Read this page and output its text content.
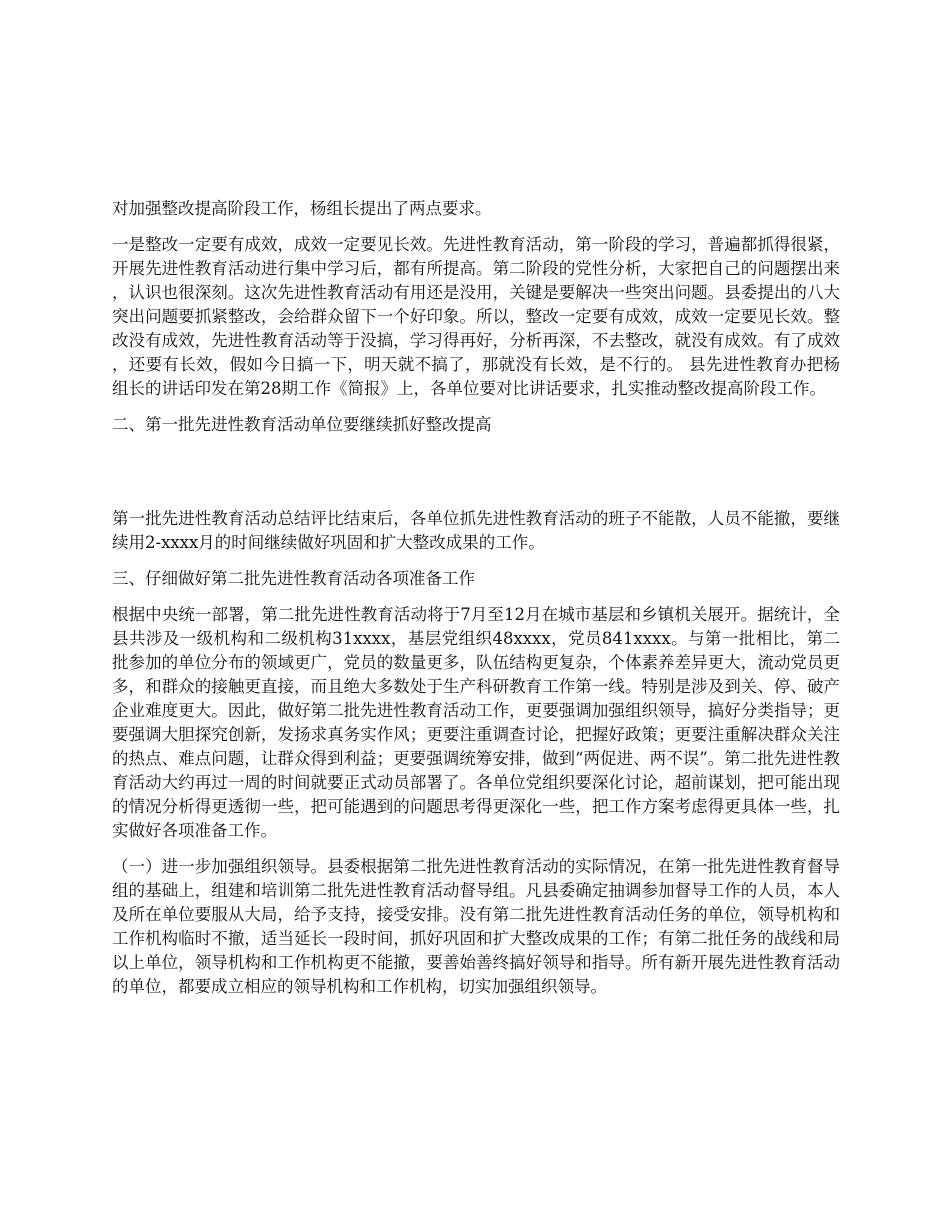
对加强整改提高阶段工作，杨组长提出了两点要求。

一是整改一定要有成效，成效一定要见长效。先进性教育活动，第一阶段的学习，普遍都抓得很紧，开展先进性教育活动进行集中学习后，都有所提高。第二阶段的党性分析，大家把自己的问题摆出来，认识也很深刻。这次先进性教育活动有用还是没用，关键是要解决一些突出问题。县委提出的八大突出问题要抓紧整改，会给群众留下一个好印象。所以，整改一定要有成效，成效一定要见长效。整改没有成效，先进性教育活动等于没搞，学习得再好，分析再深，不去整改，就没有成效。有了成效，还要有长效，假如今日搞一下，明天就不搞了，那就没有长效，是不行的。 县先进性教育办把杨组长的讲话印发在第28期工作《简报》上，各单位要对比讲话要求，扎实推动整改提高阶段工作。

二、第一批先进性教育活动单位要继续抓好整改提高

第一批先进性教育活动总结评比结束后，各单位抓先进性教育活动的班子不能散，人员不能撤，要继续用2-xxxx月的时间继续做好巩固和扩大整改成果的工作。

三、仔细做好第二批先进性教育活动各项准备工作

根据中央统一部署，第二批先进性教育活动将于7月至12月在城市基层和乡镇机关展开。据统计，全县共涉及一级机构和二级机构31xxxx，基层党组织48xxxx，党员841xxxx。与第一批相比，第二批参加的单位分布的领域更广，党员的数量更多，队伍结构更复杂，个体素养差异更大，流动党员更多，和群众的接触更直接，而且绝大多数处于生产科研教育工作第一线。特别是涉及到关、停、破产企业难度更大。因此，做好第二批先进性教育活动工作，更要强调加强组织领导，搞好分类指导；更要强调大胆探究创新，发扬求真务实作风；更要注重调查讨论，把握好政策；更要注重解决群众关注的热点、难点问题，让群众得到利益；更要强调统筹安排，做到“两促进、两不误”。第二批先进性教育活动大约再过一周的时间就要正式动员部署了。各单位党组织要深化讨论，超前谋划，把可能出现的情况分析得更透彻一些，把可能遇到的问题思考得更深化一些，把工作方案考虑得更具体一些，扎实做好各项准备工作。

（一）进一步加强组织领导。县委根据第二批先进性教育活动的实际情况，在第一批先进性教育督导组的基础上，组建和培训第二批先进性教育活动督导组。凡县委确定抽调参加督导工作的人员，本人及所在单位要服从大局，给予支持，接受安排。没有第二批先进性教育活动任务的单位，领导机构和工作机构临时不撤，适当延长一段时间，抓好巩固和扩大整改成果的工作；有第二批任务的战线和局以上单位，领导机构和工作机构更不能撤，要善始善终搞好领导和指导。所有新开展先进性教育活动的单位，都要成立相应的领导机构和工作机构，切实加强组织领导。
